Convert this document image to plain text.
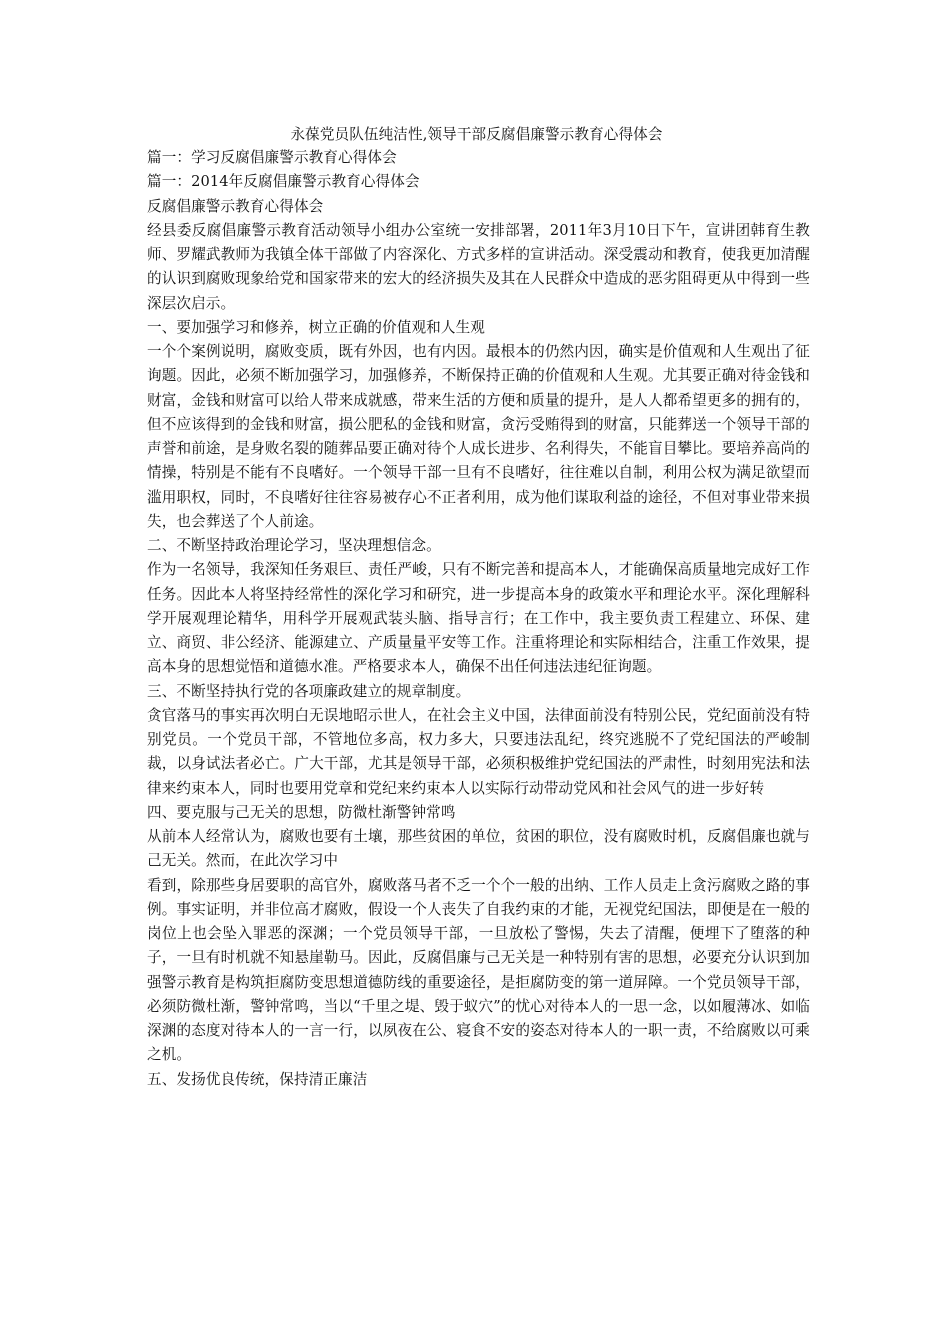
永葆党员队伍纯洁性,领导干部反腐倡廉警示教育心得体会

篇一：学习反腐倡廉警示教育心得体会

篇一：2014年反腐倡廉警示教育心得体会

反腐倡廉警示教育心得体会

经县委反腐倡廉警示教育活动领导小组办公室统一安排部署，2011年3月10日下午，宣讲团韩育生教师、罗耀武教师为我镇全体干部做了内容深化、方式多样的宣讲活动。深受震动和教育，使我更加清醒的认识到腐败现象给党和国家带来的宏大的经济损失及其在人民群众中造成的恶劣阻碍更从中得到一些深层次启示。

一、要加强学习和修养，树立正确的价值观和人生观

一个个案例说明，腐败变质，既有外因，也有内因。最根本的仍然内因，确实是价值观和人生观出了征询题。因此，必须不断加强学习，加强修养，不断保持正确的价值观和人生观。尤其要正确对待金钱和财富，金钱和财富可以给人带来成就感，带来生活的方便和质量的提升，是人人都希望更多的拥有的，但不应该得到的金钱和财富，损公肥私的金钱和财富，贪污受贿得到的财富，只能葬送一个领导干部的声誉和前途，是身败名裂的随葬品要正确对待个人成长进步、名利得失，不能盲目攀比。要培养高尚的情操，特别是不能有不良嗜好。一个领导干部一旦有不良嗜好，往往难以自制，利用公权为满足欲望而滥用职权，同时，不良嗜好往往容易被存心不正者利用，成为他们谋取利益的途径，不但对事业带来损失，也会葬送了个人前途。

二、不断坚持政治理论学习，坚决理想信念。

作为一名领导，我深知任务艰巨、责任严峻，只有不断完善和提高本人，才能确保高质量地完成好工作任务。因此本人将坚持经常性的深化学习和研究，进一步提高本身的政策水平和理论水平。深化理解科学开展观理论精华，用科学开展观武装头脑、指导言行；在工作中，我主要负责工程建立、环保、建立、商贸、非公经济、能源建立、产质量量平安等工作。注重将理论和实际相结合，注重工作效果，提高本身的思想觉悟和道德水准。严格要求本人，确保不出任何违法违纪征询题。

三、不断坚持执行党的各项廉政建立的规章制度。

贪官落马的事实再次明白无误地昭示世人，在社会主义中国，法律面前没有特别公民，党纪面前没有特别党员。一个党员干部，不管地位多高，权力多大，只要违法乱纪，终究逃脱不了党纪国法的严峻制裁，以身试法者必亡。广大干部，尤其是领导干部，必须积极维护党纪国法的严肃性，时刻用宪法和法律来约束本人，同时也要用党章和党纪来约束本人以实际行动带动党风和社会风气的进一步好转

四、要克服与己无关的思想，防微杜渐警钟常鸣

从前本人经常认为，腐败也要有土壤，那些贫困的单位，贫困的职位，没有腐败时机，反腐倡廉也就与己无关。然而，在此次学习中

看到，除那些身居要职的高官外，腐败落马者不乏一个个一般的出纳、工作人员走上贪污腐败之路的事例。事实证明，并非位高才腐败，假设一个人丧失了自我约束的才能，无视党纪国法，即便是在一般的岗位上也会坠入罪恶的深渊；一个党员领导干部，一旦放松了警惕，失去了清醒，便埋下了堕落的种子，一旦有时机就不知悬崖勒马。因此，反腐倡廉与己无关是一种特别有害的思想，必要充分认识到加强警示教育是构筑拒腐防变思想道德防线的重要途径，是拒腐防变的第一道屏障。一个党员领导干部，必须防微杜渐，警钟常鸣，当以“千里之堤、毁于蚁穴”的忧心对待本人的一思一念，以如履薄冰、如临深渊的态度对待本人的一言一行，以夙夜在公、寝食不安的姿态对待本人的一职一责，不给腐败以可乘之机。

五、发扬优良传统，保持清正廉洁
